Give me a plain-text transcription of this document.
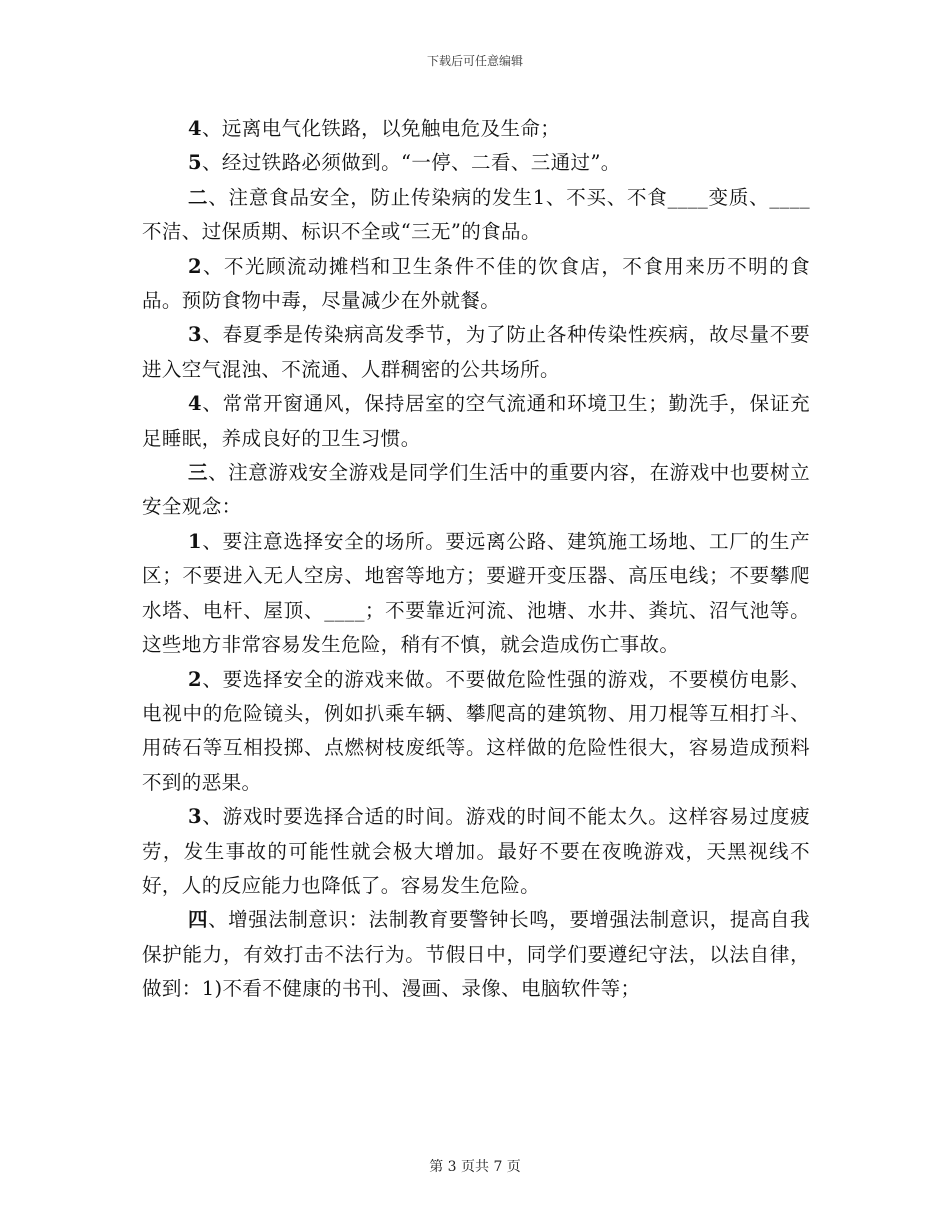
下载后可任意编辑

4、远离电气化铁路，以免触电危及生命；

5、经过铁路必须做到。“一停、二看、三通过”。

二、注意食品安全，防止传染病的发生1、不买、不食____变质、____不洁、过保质期、标识不全或“三无”的食品。

2、不光顾流动摊档和卫生条件不佳的饮食店，不食用来历不明的食品。预防食物中毒，尽量减少在外就餐。

3、春夏季是传染病高发季节，为了防止各种传染性疾病，故尽量不要进入空气混浊、不流通、人群稠密的公共场所。

4、常常开窗通风，保持居室的空气流通和环境卫生；勤洗手，保证充足睡眠，养成良好的卫生习惯。

三、注意游戏安全游戏是同学们生活中的重要内容，在游戏中也要树立安全观念：

1、要注意选择安全的场所。要远离公路、建筑施工场地、工厂的生产区；不要进入无人空房、地窖等地方；要避开变压器、高压电线；不要攀爬水塔、电杆、屋顶、____；不要靠近河流、池塘、水井、粪坑、沼气池等。这些地方非常容易发生危险，稍有不慎，就会造成伤亡事故。

2、要选择安全的游戏来做。不要做危险性强的游戏，不要模仿电影、电视中的危险镜头，例如扒乘车辆、攀爬高的建筑物、用刀棍等互相打斗、用砖石等互相投掷、点燃树枝废纸等。这样做的危险性很大，容易造成预料不到的恶果。

3、游戏时要选择合适的时间。游戏的时间不能太久。这样容易过度疲劳，发生事故的可能性就会极大增加。最好不要在夜晚游戏，天黑视线不好，人的反应能力也降低了。容易发生危险。

四、增强法制意识：法制教育要警钟长鸣，要增强法制意识，提高自我保护能力，有效打击不法行为。节假日中，同学们要遵纪守法，以法自律，做到：1)不看不健康的书刊、漫画、录像、电脑软件等；

第 3 页共 7 页
